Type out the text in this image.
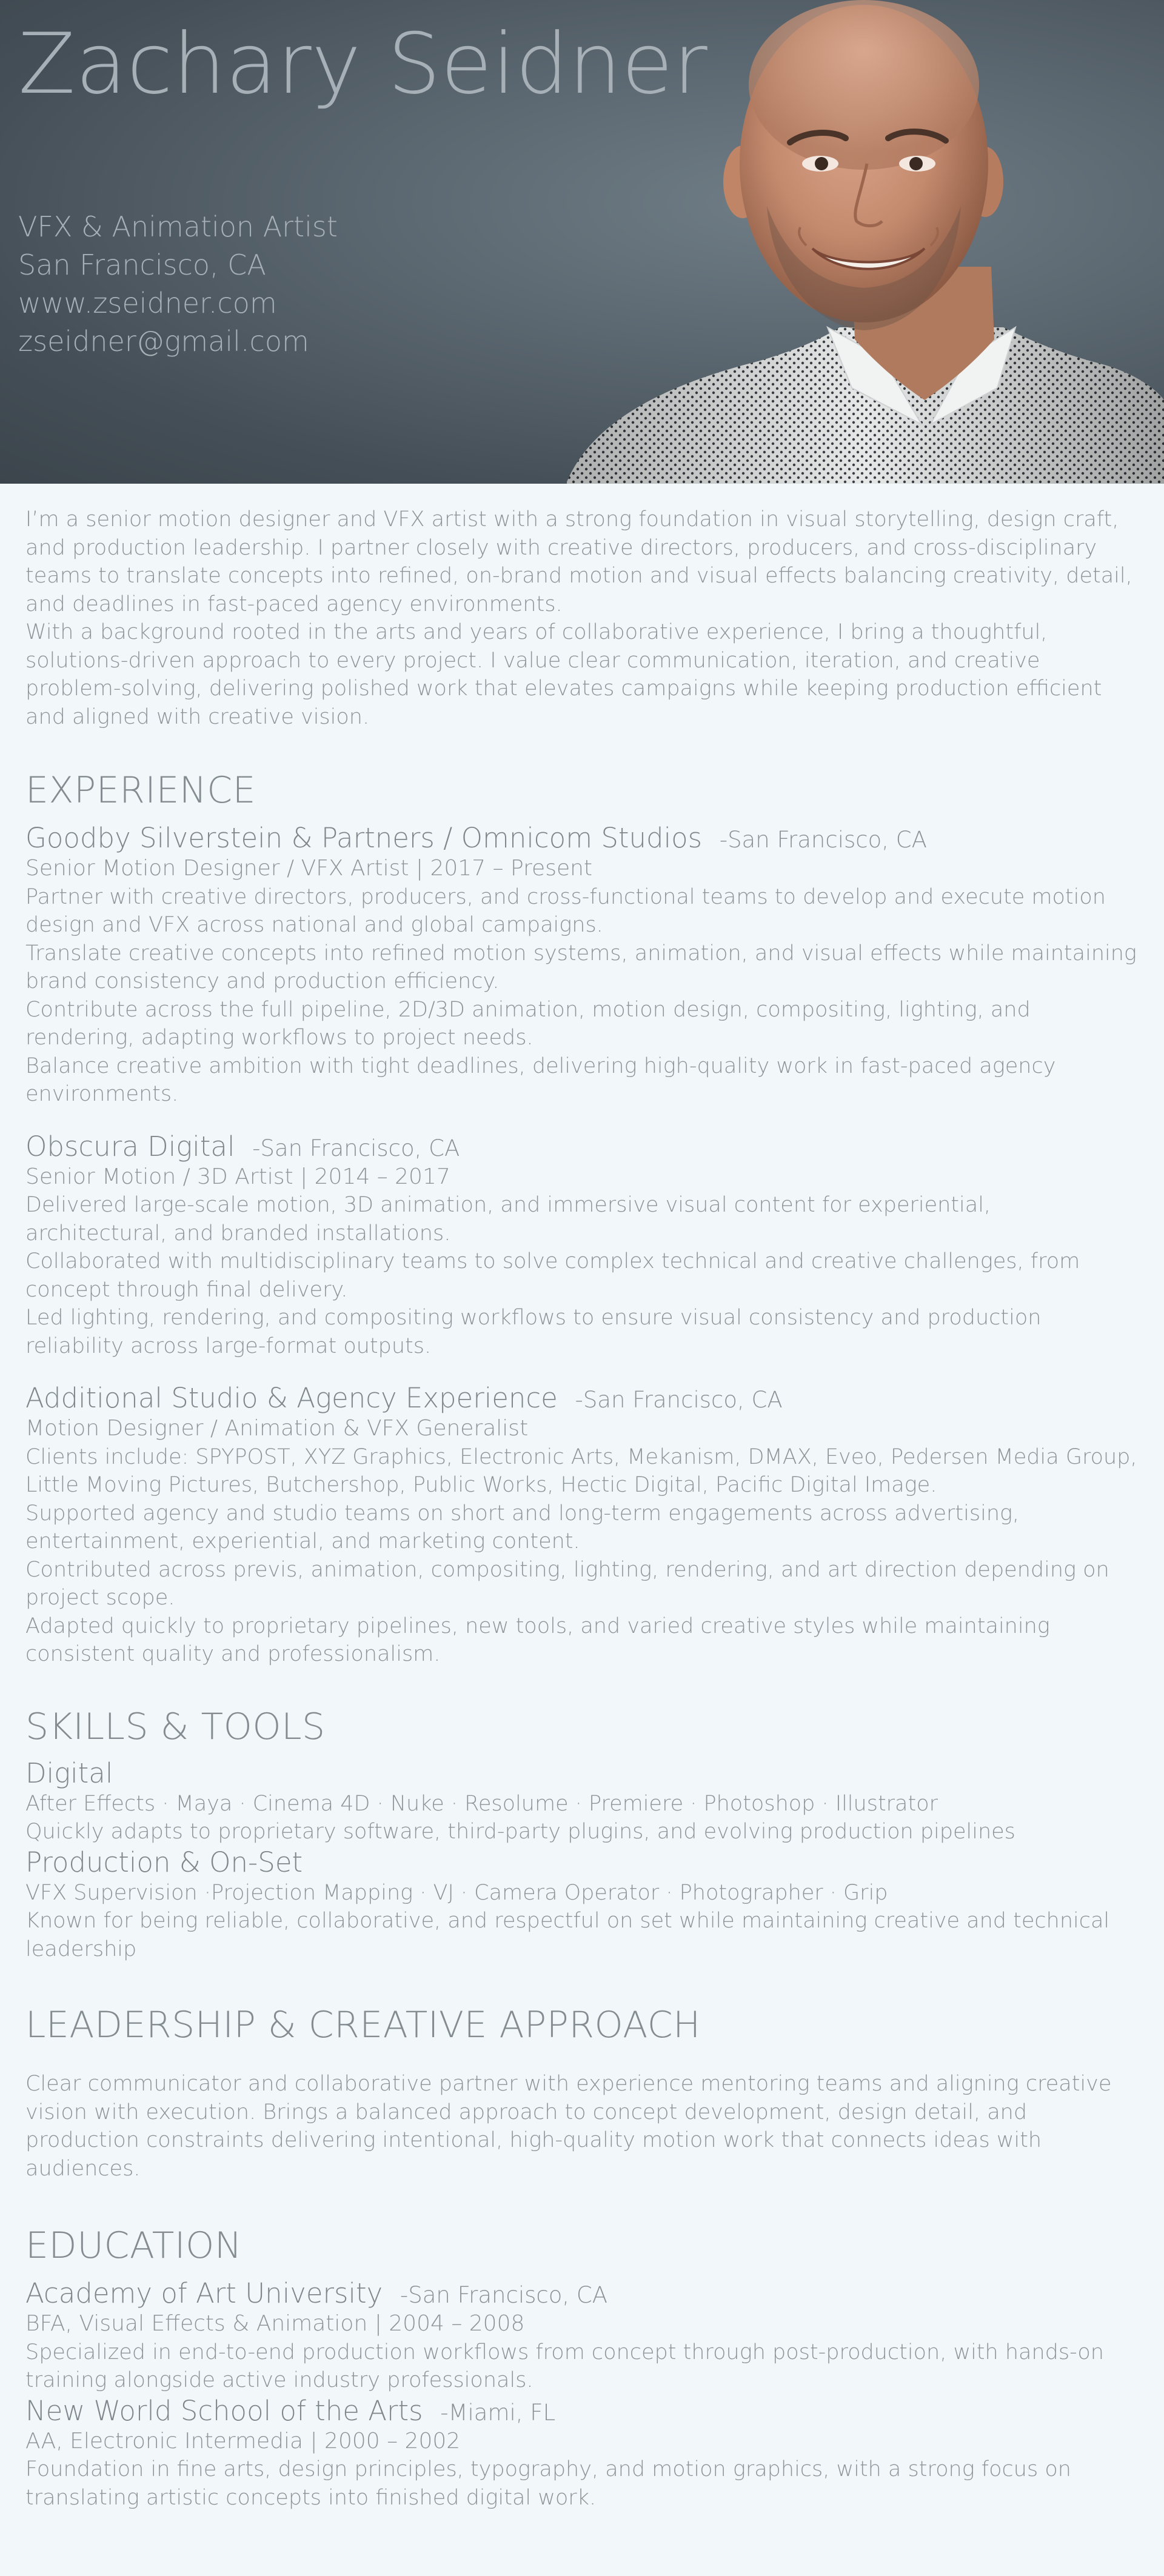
Zachary Seidner
VFX & Animation Artist
San Francisco, CA
www.zseidner.com
zseidner@gmail.com

I’m a senior motion designer and VFX artist with a strong foundation in visual storytelling, design craft, and production leadership. I partner closely with creative directors, producers, and cross-disciplinary teams to translate concepts into refined, on-brand motion and visual effects balancing creativity, detail, and deadlines in fast-paced agency environments.

With a background rooted in the arts and years of collaborative experience, I bring a thoughtful, solutions-driven approach to every project. I value clear communication, iteration, and creative problem-solving, delivering polished work that elevates campaigns while keeping production efficient and aligned with creative vision.

EXPERIENCE
Goodby Silverstein & Partners / Omnicom Studios -San Francisco, CA
Senior Motion Designer / VFX Artist | 2017 – Present
Partner with creative directors, producers, and cross-functional teams to develop and execute motion design and VFX across national and global campaigns.
Translate creative concepts into refined motion systems, animation, and visual effects while maintaining brand consistency and production efficiency.
Contribute across the full pipeline, 2D/3D animation, motion design, compositing, lighting, and rendering, adapting workflows to project needs.
Balance creative ambition with tight deadlines, delivering high-quality work in fast-paced agency environments.
Obscura Digital -San Francisco, CA
Senior Motion / 3D Artist | 2014 – 2017
Delivered large-scale motion, 3D animation, and immersive visual content for experiential, architectural, and branded installations.
Collaborated with multidisciplinary teams to solve complex technical and creative challenges, from concept through final delivery.
Led lighting, rendering, and compositing workflows to ensure visual consistency and production reliability across large-format outputs.
Additional Studio & Agency Experience -San Francisco, CA
Motion Designer / Animation & VFX Generalist
Clients include: SPYPOST, XYZ Graphics, Electronic Arts, Mekanism, DMAX, Eveo, Pedersen Media Group, Little Moving Pictures, Butchershop, Public Works, Hectic Digital, Pacific Digital Image.
Supported agency and studio teams on short and long-term engagements across advertising, entertainment, experiential, and marketing content.
Contributed across previs, animation, compositing, lighting, rendering, and art direction depending on project scope.
Adapted quickly to proprietary pipelines, new tools, and varied creative styles while maintaining consistent quality and professionalism.
SKILLS & TOOLS
Digital
After Effects · Maya · Cinema 4D · Nuke · Resolume · Premiere · Photoshop · Illustrator
Quickly adapts to proprietary software, third-party plugins, and evolving production pipelines
Production & On-Set
VFX Supervision ·Projection Mapping · VJ · Camera Operator · Photographer · Grip
Known for being reliable, collaborative, and respectful on set while maintaining creative and technical leadership
LEADERSHIP & CREATIVE APPROACH

Clear communicator and collaborative partner with experience mentoring teams and aligning creative vision with execution. Brings a balanced approach to concept development, design detail, and production constraints delivering intentional, high-quality motion work that connects ideas with audiences.

EDUCATION
Academy of Art University -San Francisco, CA
BFA, Visual Effects & Animation | 2004 – 2008
Specialized in end-to-end production workflows from concept through post-production, with hands-on training alongside active industry professionals.
New World School of the Arts -Miami, FL
AA, Electronic Intermedia | 2000 – 2002
Foundation in fine arts, design principles, typography, and motion graphics, with a strong focus on translating artistic concepts into finished digital work.
